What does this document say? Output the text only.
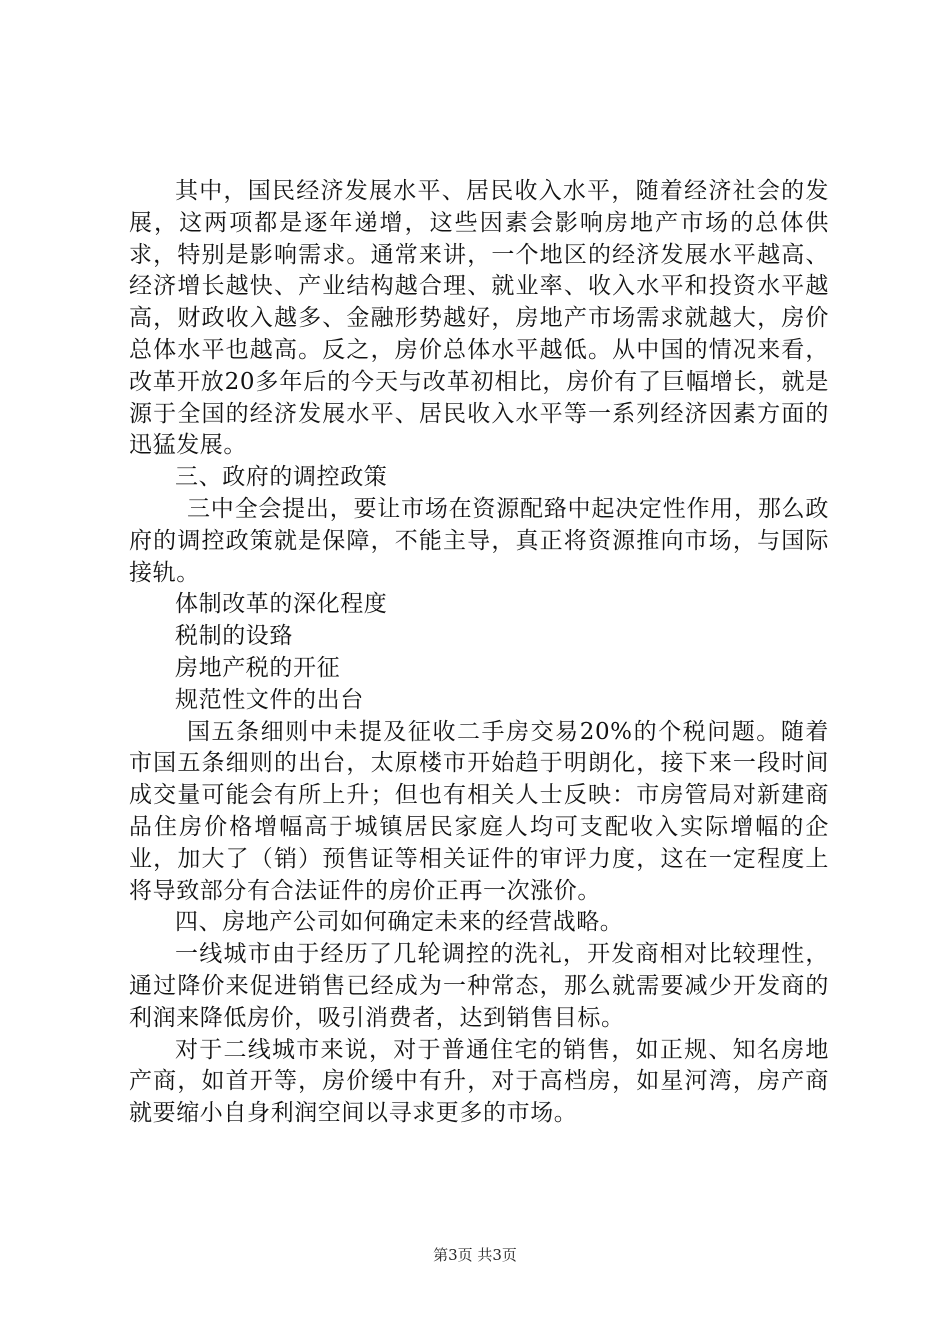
其中，国民经济发展水平、居民收入水平，随着经济社会的发展，这两项都是逐年递增，这些因素会影响房地产市场的总体供求，特别是影响需求。通常来讲，一个地区的经济发展水平越高、经济增长越快、产业结构越合理、就业率、收入水平和投资水平越高，财政收入越多、金融形势越好，房地产市场需求就越大，房价总体水平也越高。反之，房价总体水平越低。从中国的情况来看，改革开放20多年后的今天与改革初相比，房价有了巨幅增长，就是源于全国的经济发展水平、居民收入水平等一系列经济因素方面的迅猛发展。

三、政府的调控政策

三中全会提出，要让市场在资源配臵中起决定性作用，那么政府的调控政策就是保障，不能主导，真正将资源推向市场，与国际接轨。

体制改革的深化程度

税制的设臵

房地产税的开征

规范性文件的出台

国五条细则中未提及征收二手房交易20%的个税问题。随着市国五条细则的出台，太原楼市开始趋于明朗化，接下来一段时间成交量可能会有所上升；但也有相关人士反映：市房管局对新建商品住房价格增幅高于城镇居民家庭人均可支配收入实际增幅的企业，加大了（销）预售证等相关证件的审评力度，这在一定程度上将导致部分有合法证件的房价正再一次涨价。

四、房地产公司如何确定未来的经营战略。

一线城市由于经历了几轮调控的洗礼，开发商相对比较理性，通过降价来促进销售已经成为一种常态，那么就需要减少开发商的利润来降低房价，吸引消费者，达到销售目标。

对于二线城市来说，对于普通住宅的销售，如正规、知名房地产商，如首开等，房价缓中有升，对于高档房，如星河湾，房产商就要缩小自身利润空间以寻求更多的市场。

第3页 共3页
